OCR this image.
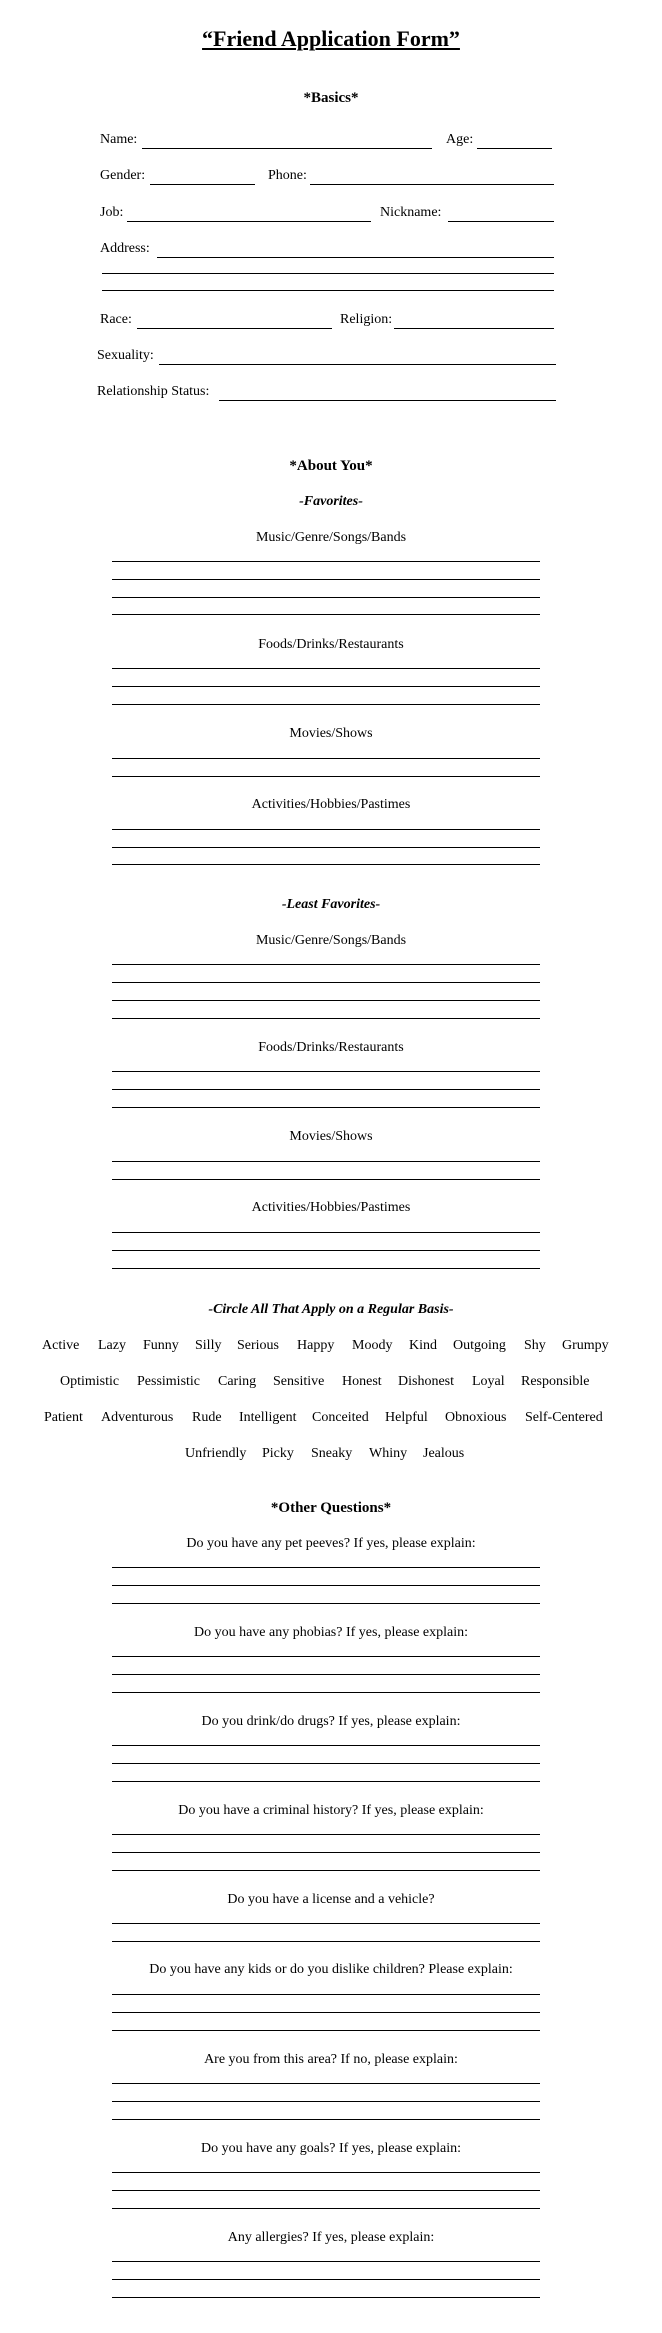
“Friend Application Form”
*Basics*
Name:	Age:
Gender:	Phone:
Job:	Nickname:
Address:
Race:	Religion:
Sexuality:
Relationship Status:
*About You*
-Favorites-
Music/Genre/Songs/Bands
Foods/Drinks/Restaurants
Movies/Shows
Activities/Hobbies/Pastimes
-Least Favorites-
Music/Genre/Songs/Bands
Foods/Drinks/Restaurants
Movies/Shows
Activities/Hobbies/Pastimes
-Circle All That Apply on a Regular Basis-
Active Lazy Funny Silly Serious Happy Moody Kind Outgoing Shy Grumpy
Optimistic Pessimistic Caring Sensitive Honest Dishonest Loyal Responsible
Patient Adventurous Rude Intelligent Conceited Helpful Obnoxious Self-Centered
Unfriendly Picky Sneaky Whiny Jealous
*Other Questions*
Do you have any pet peeves? If yes, please explain:
Do you have any phobias? If yes, please explain:
Do you drink/do drugs? If yes, please explain:
Do you have a criminal history? If yes, please explain:
Do you have a license and a vehicle?
Do you have any kids or do you dislike children? Please explain:
Are you from this area? If no, please explain:
Do you have any goals? If yes, please explain:
Any allergies? If yes, please explain:
